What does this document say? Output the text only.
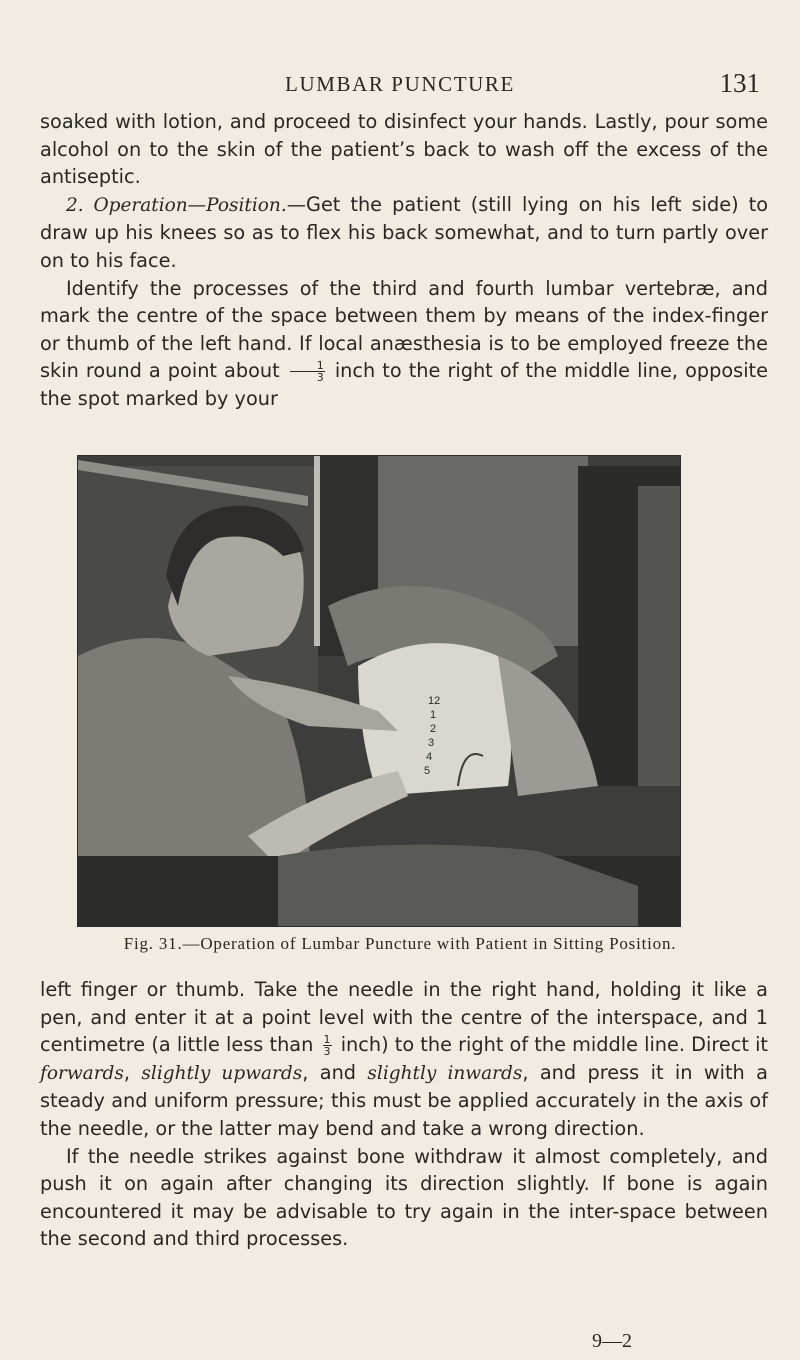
LUMBAR PUNCTURE	131

soaked with lotion, and proceed to disinfect your hands. Lastly, pour some alcohol on to the skin of the patient’s back to wash off the excess of the antiseptic.

2. Operation—Position.—Get the patient (still lying on his left side) to draw up his knees so as to flex his back somewhat, and to turn partly over on to his face.

Identify the processes of the third and fourth lumbar vertebræ, and mark the centre of the space between them by means of the index-finger or thumb of the left hand. If local anæsthesia is to be employed freeze the skin round a point about $\frac{1}{3}$ inch to the right of the middle line, opposite the spot marked by your

12
1
2
3
4
5
Fig. 31.—Operation of Lumbar Puncture with Patient in Sitting Position.

left finger or thumb. Take the needle in the right hand, holding it like a pen, and enter it at a point level with the centre of the interspace, and 1 centimetre (a little less than $\frac{1}{3}$ inch) to the right of the middle line. Direct it forwards, slightly upwards, and slightly inwards, and press it in with a steady and uniform pressure; this must be applied accurately in the axis of the needle, or the latter may bend and take a wrong direction.

If the needle strikes against bone withdraw it almost completely, and push it on again after changing its direction slightly. If bone is again encountered it may be advisable to try again in the inter-space between the second and third processes.

9—2
